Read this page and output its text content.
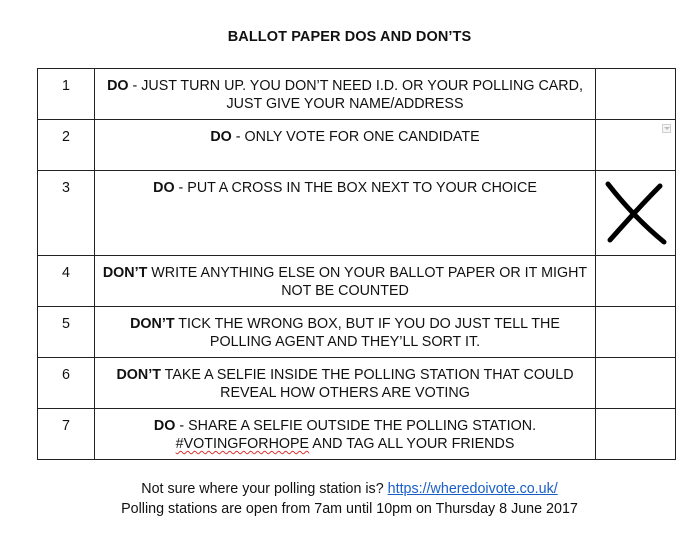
BALLOT PAPER DOS AND DON’TS
1	DO - JUST TURN UP. YOU DON’T NEED I.D. OR YOUR POLLING CARD, JUST GIVE YOUR NAME/ADDRESS	
2	DO - ONLY VOTE FOR ONE CANDIDATE	

3	DO - PUT A CROSS IN THE BOX NEXT TO YOUR CHOICE	

4	DON’T WRITE ANYTHING ELSE ON YOUR BALLOT PAPER OR IT MIGHT NOT BE COUNTED	
5	DON’T TICK THE WRONG BOX, BUT IF YOU DO JUST TELL THE POLLING AGENT AND THEY’LL SORT IT.	
6	DON’T TAKE A SELFIE INSIDE THE POLLING STATION THAT COULD REVEAL HOW OTHERS ARE VOTING	
7	DO - SHARE A SELFIE OUTSIDE THE POLLING STATION.
#VOTINGFORHOPE AND TAG ALL YOUR FRIENDS	
Not sure where your polling station is? https://wheredoivote.co.uk/
Polling stations are open from 7am until 10pm on Thursday 8 June 2017
